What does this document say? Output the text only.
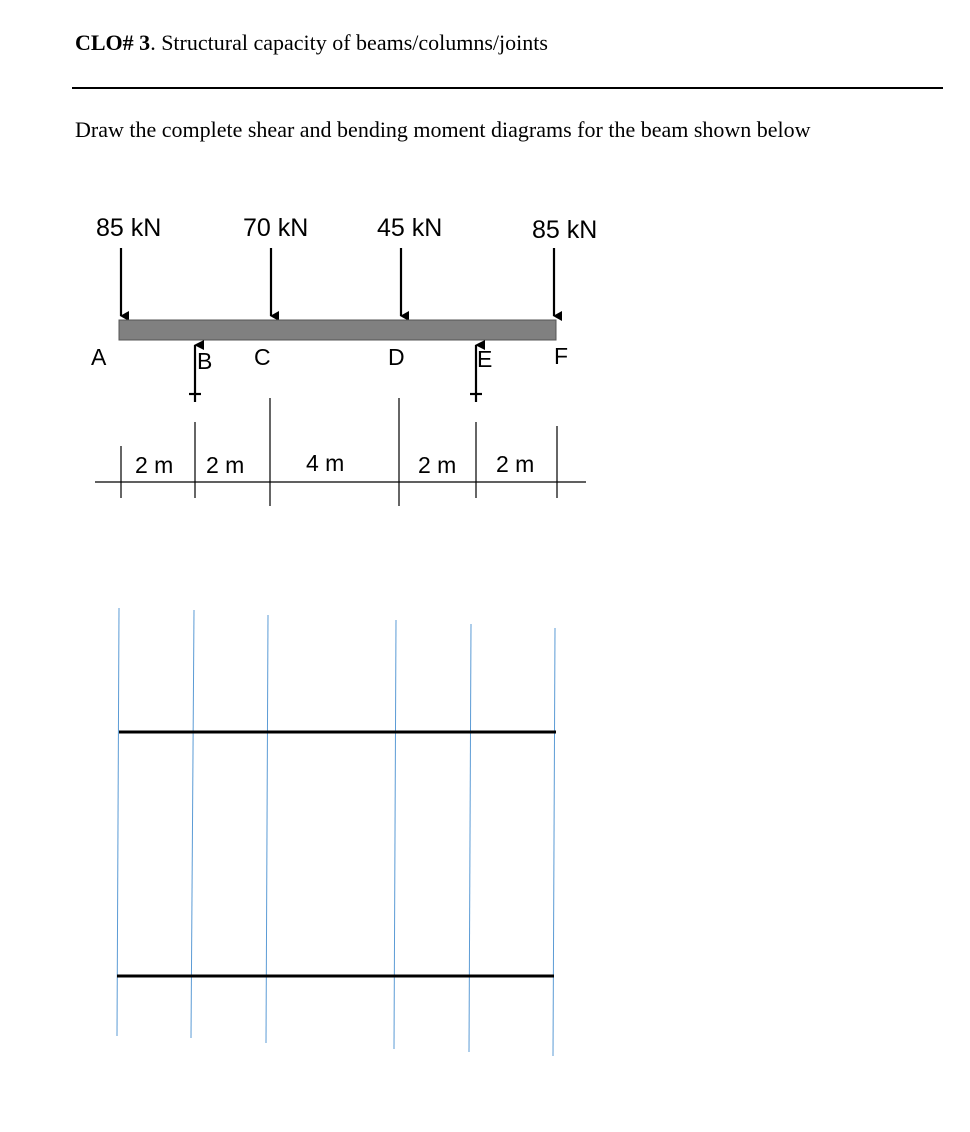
CLO# 3. Structural capacity of beams/columns/joints
Draw the complete shear and bending moment diagrams for the beam shown below
85 kN	70 kN	45 kN	85 kN
A	B C	D	E	F
2 m 2 m	4 m	2 m 2 m
